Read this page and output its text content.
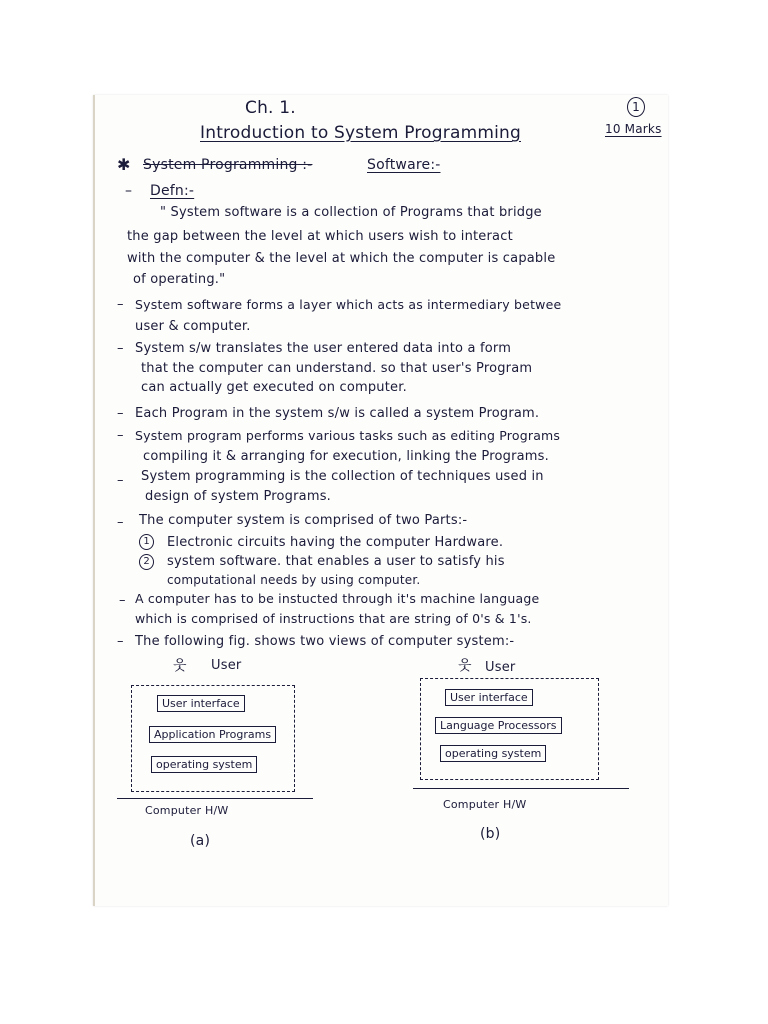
Ch. 1.	1
Introduction to System Programming	10 Marks
✱ System Programming :-	Software:-
– Defn:-
" System software is a collection of Programs that bridge
the gap between the level at which users wish to interact
with the computer & the level at which the computer is capable
of operating."
– System software forms a layer which acts as intermediary betwee
user & computer.
– System s/w translates the user entered data into a form
that the computer can understand. so that user's Program
can actually get executed on computer.
– Each Program in the system s/w is called a system Program.
– System program performs various tasks such as editing Programs
compiling it & arranging for execution, linking the Programs.
– System programming is the collection of techniques used in
design of system Programs.
– The computer system is comprised of two Parts:-
1	Electronic circuits having the computer Hardware.
2	system software. that enables a user to satisfy his
computational needs by using computer.
– A computer has to be instucted through it's machine language
which is comprised of instructions that are string of 0's & 1's.
– The following fig. shows two views of computer system:-
웃 User
User interface
Application Programs
operating system
Computer H/W
(a)
웃 User
User interface
Language Processors
operating system
Computer H/W
(b)
